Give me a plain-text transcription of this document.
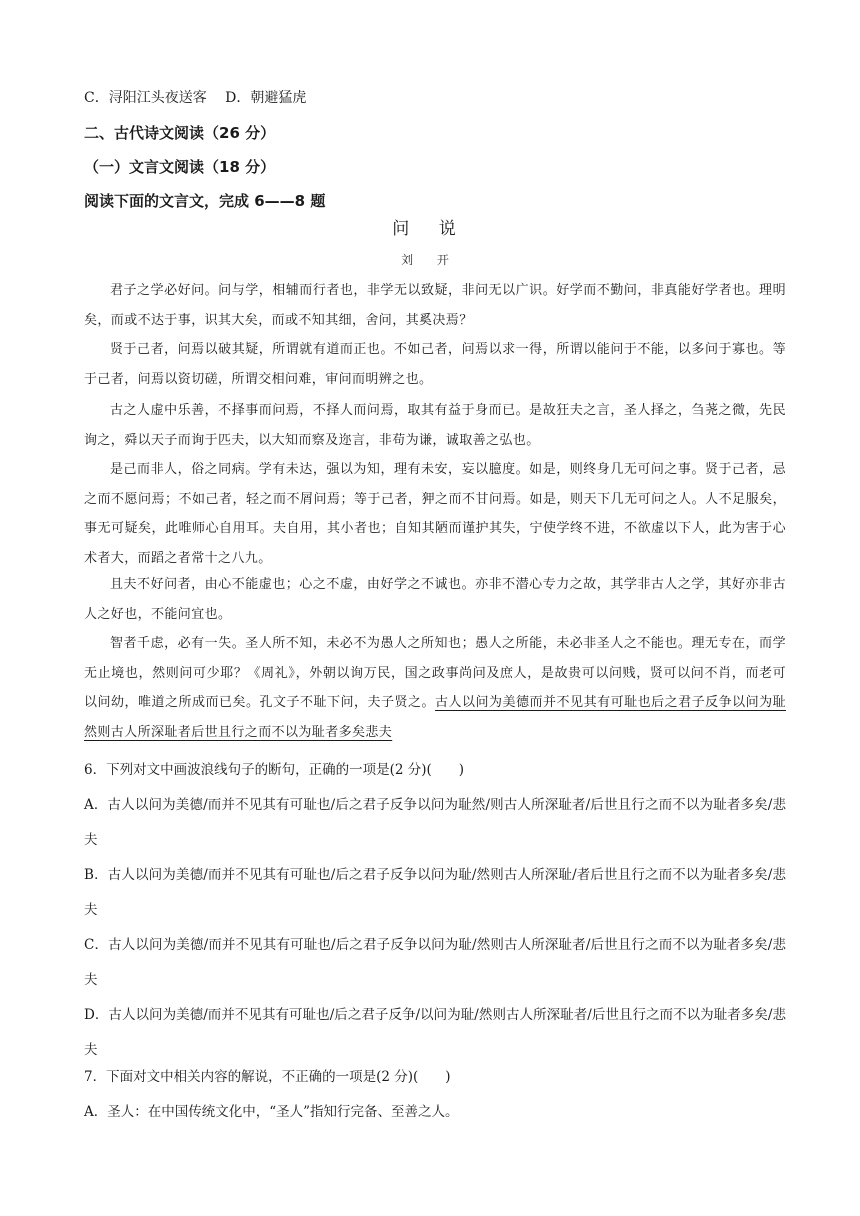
C．浔阳江头夜送客　 D．朝避猛虎
二、古代诗文阅读（26 分）
（一）文言文阅读（18 分）
阅读下面的文言文，完成 6——8 题
问 说
刘 开
君子之学必好问。问与学，相辅而行者也，非学无以致疑，非问无以广识。好学而不勤问，非真能好学者也。理明矣，而或不达于事，识其大矣，而或不知其细，舍问，其奚决焉？
贤于己者，问焉以破其疑，所谓就有道而正也。不如己者，问焉以求一得，所谓以能问于不能，以多问于寡也。等于己者，问焉以资切磋，所谓交相问难，审问而明辨之也。
古之人虚中乐善，不择事而问焉，不择人而问焉，取其有益于身而已。是故狂夫之言，圣人择之，刍荛之微，先民询之，舜以天子而询于匹夫，以大知而察及迩言，非苟为谦，诚取善之弘也。
是己而非人，俗之同病。学有未达，强以为知，理有未安，妄以臆度。如是，则终身几无可问之事。贤于己者，忌之而不愿问焉；不如己者，轻之而不屑问焉；等于己者，狎之而不甘问焉。如是，则天下几无可问之人。人不足服矣，事无可疑矣，此唯师心自用耳。夫自用，其小者也；自知其陋而谨护其失，宁使学终不进，不欲虚以下人，此为害于心术者大，而蹈之者常十之八九。
且夫不好问者，由心不能虚也；心之不虚，由好学之不诚也。亦非不潜心专力之故，其学非古人之学，其好亦非古人之好也，不能问宜也。
智者千虑，必有一失。圣人所不知，未必不为愚人之所知也；愚人之所能，未必非圣人之不能也。理无专在，而学无止境也，然则问可少耶？《周礼》，外朝以询万民，国之政事尚问及庶人，是故贵可以问贱，贤可以问不肖，而老可以问幼，唯道之所成而已矣。孔文子不耻下问，夫子贤之。古人以问为美德而并不见其有可耻也后之君子反争以问为耻然则古人所深耻者后世且行之而不以为耻者多矣悲夫
6．下列对文中画波浪线句子的断句，正确的一项是(2 分)(　　)
A．古人以问为美德/而并不见其有可耻也/后之君子反争以问为耻然/则古人所深耻者/后世且行之而不以为耻者多矣/悲夫
B．古人以问为美德/而并不见其有可耻也/后之君子反争以问为耻/然则古人所深耻/者后世且行之而不以为耻者多矣/悲夫
C．古人以问为美德/而并不见其有可耻也/后之君子反争以问为耻/然则古人所深耻者/后世且行之而不以为耻者多矣/悲夫
D．古人以问为美德/而并不见其有可耻也/后之君子反争/以问为耻/然则古人所深耻者/后世且行之而不以为耻者多矣/悲夫
7．下面对文中相关内容的解说，不正确的一项是(2 分)(　　)
A．圣人：在中国传统文化中，“圣人”指知行完备、至善之人。
